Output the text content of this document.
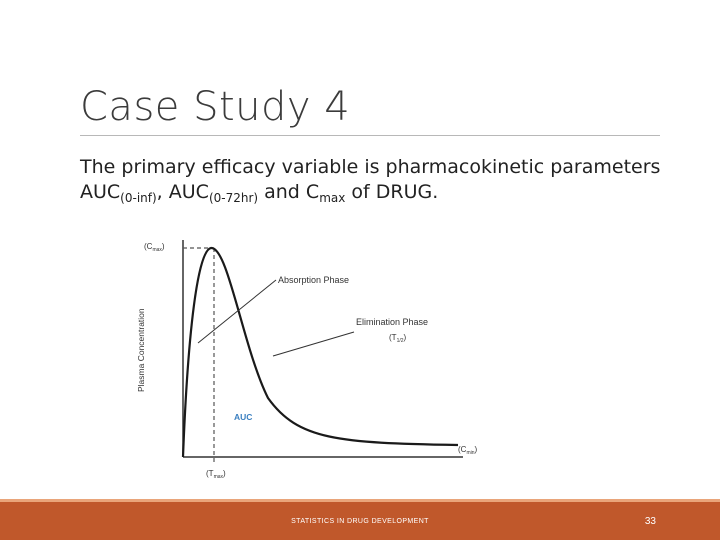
Case Study 4
The primary efficacy variable is pharmacokinetic parameters
$AUC_{(0-inf)}$, $AUC_{(0-72hr)}$ and $C_{max}$ of DRUG.
$(C_{max})$
Absorption Phase
Elimination Phase
$(T_{1/2})$
AUC
$(C_{min})$
$(T_{max})$
Plasma Concentration
STATISTICS IN DRUG DEVELOPMENT	33
